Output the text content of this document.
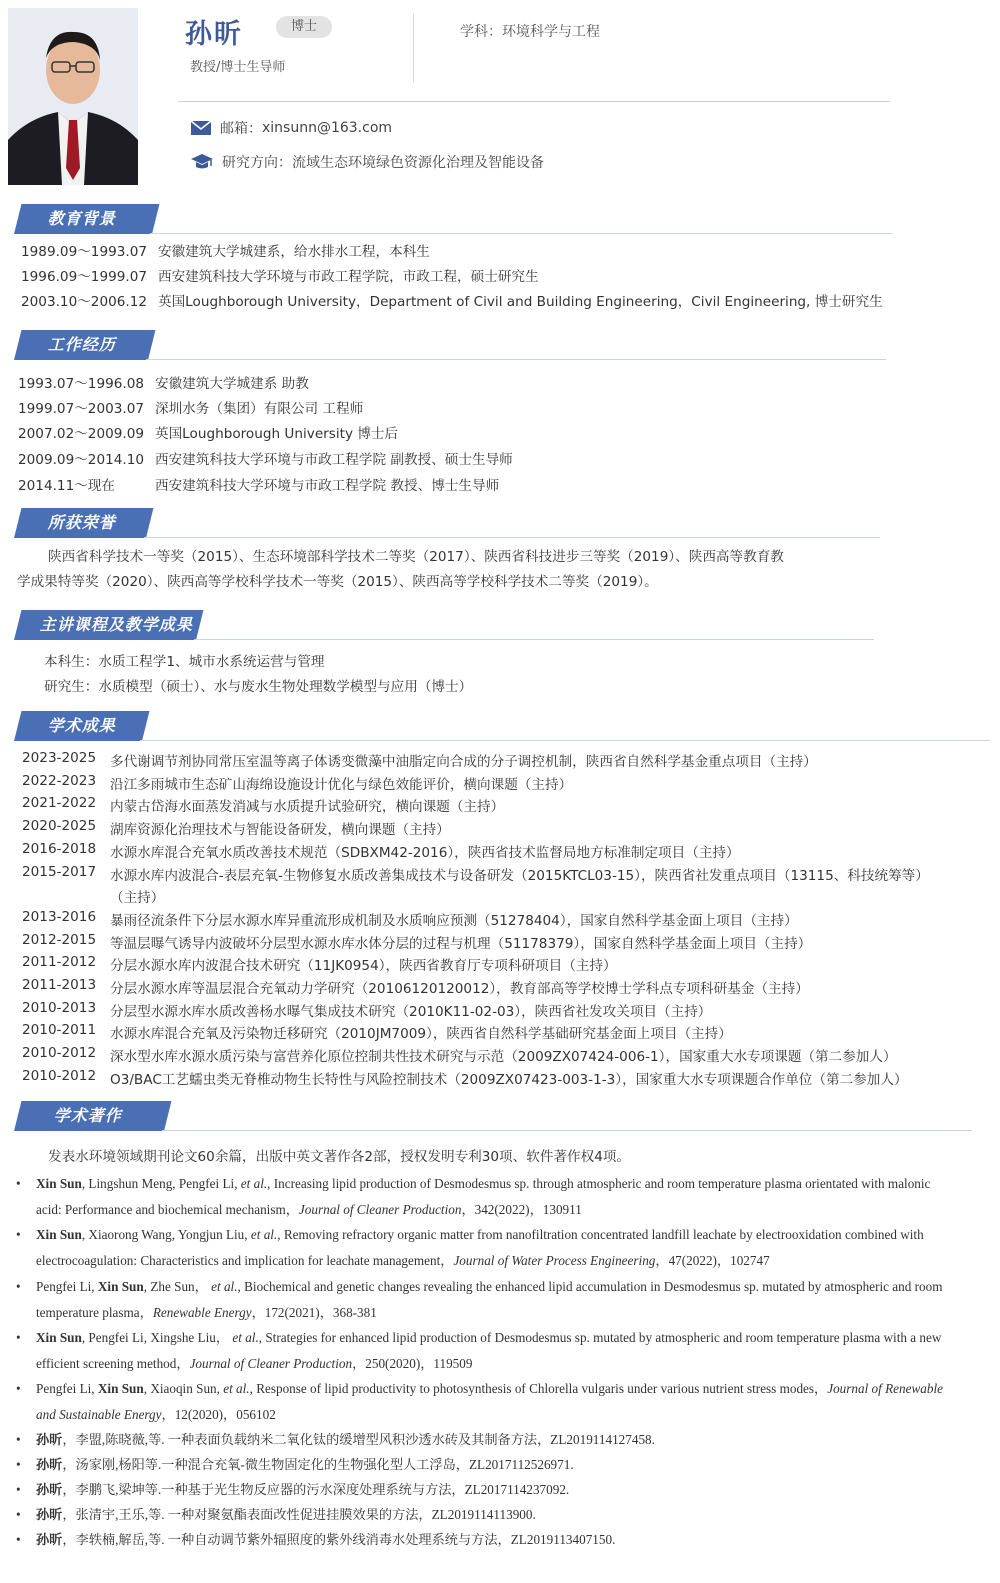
孙昕	博士
教授/博士生导师
学科：环境科学与工程
邮箱： xinsunn@163.com
研究方向： 流域生态环境绿色资源化治理及智能设备
教育背景
1989.09～1993.07 安徽建筑大学城建系，给水排水工程，本科生
1996.09～1999.07 西安建筑科技大学环境与市政工程学院，市政工程，硕士研究生
2003.10～2006.12 英国Loughborough University，Department of Civil and Building Engineering，Civil Engineering, 博士研究生
工作经历
1993.07～1996.08 安徽建筑大学城建系 助教
1999.07～2003.07 深圳水务（集团）有限公司 工程师
2007.02～2009.09 英国Loughborough University 博士后
2009.09～2014.10 西安建筑科技大学环境与市政工程学院 副教授、硕士生导师
2014.11～现在	西安建筑科技大学环境与市政工程学院 教授、博士生导师
所获荣誉
陕西省科学技术一等奖（2015）、生态环境部科学技术二等奖（2017）、陕西省科技进步三等奖（2019）、陕西高等教育教
学成果特等奖（2020）、陕西高等学校科学技术一等奖（2015）、陕西高等学校科学技术二等奖（2019）。
主讲课程及教学成果
本科生：水质工程学1、城市水系统运营与管理
研究生：水质模型（硕士）、水与废水生物处理数学模型与应用（博士）
学术成果
2023-2025 多代谢调节剂协同常压室温等离子体诱变微藻中油脂定向合成的分子调控机制，陕西省自然科学基金重点项目（主持）
2022-2023 沿江多雨城市生态矿山海绵设施设计优化与绿色效能评价，横向课题（主持）
2021-2022 内蒙古岱海水面蒸发消减与水质提升试验研究，横向课题（主持）
2020-2025 湖库资源化治理技术与智能设备研发，横向课题（主持）
2016-2018 水源水库混合充氧水质改善技术规范（SDBXM42-2016），陕西省技术监督局地方标准制定项目（主持）
2015-2017 水源水库内波混合-表层充氧-生物修复水质改善集成技术与设备研发（2015KTCL03-15），陕西省社发重点项目（13115、科技统筹等）
（主持）
2013-2016 暴雨径流条件下分层水源水库异重流形成机制及水质响应预测（51278404），国家自然科学基金面上项目（主持）
2012-2015 等温层曝气诱导内波破坏分层型水源水库水体分层的过程与机理（51178379），国家自然科学基金面上项目（主持）
2011-2012 分层水源水库内波混合技术研究（11JK0954），陕西省教育厅专项科研项目（主持）
2011-2013 分层水源水库等温层混合充氧动力学研究（20106120120012），教育部高等学校博士学科点专项科研基金（主持）
2010-2013 分层型水源水库水质改善杨水曝气集成技术研究（2010K11-02-03），陕西省社发攻关项目（主持）
2010-2011 水源水库混合充氧及污染物迁移研究（2010JM7009），陕西省自然科学基础研究基金面上项目（主持）
2010-2012 深水型水库水源水质污染与富营养化原位控制共性技术研究与示范（2009ZX07424-006-1），国家重大水专项课题（第二参加人）
2010-2012 O3/BAC工艺蠕虫类无脊椎动物生长特性与风险控制技术（2009ZX07423-003-1-3），国家重大水专项课题合作单位（第二参加人）
学术著作
发表水环境领域期刊论文60余篇，出版中英文著作各2部，授权发明专利30项、软件著作权4项。
• Xin Sun, Lingshun Meng, Pengfei Li, et al., Increasing lipid production of Desmodesmus sp. through atmospheric and room temperature plasma orientated with malonic acid: Performance and biochemical mechanism，Journal of Cleaner Production，342(2022)，130911
• Xin Sun, Xiaorong Wang, Yongjun Liu, et al., Removing refractory organic matter from nanofiltration concentrated landfill leachate by electrooxidation combined with electrocoagulation: Characteristics and implication for leachate management，Journal of Water Process Engineering，47(2022)，102747
• Pengfei Li, Xin Sun, Zhe Sun， et al., Biochemical and genetic changes revealing the enhanced lipid accumulation in Desmodesmus sp. mutated by atmospheric and room temperature plasma，Renewable Energy，172(2021)，368-381
• Xin Sun, Pengfei Li, Xingshe Liu， et al., Strategies for enhanced lipid production of Desmodesmus sp. mutated by atmospheric and room temperature plasma with a new efficient screening method，Journal of Cleaner Production，250(2020)，119509
• Pengfei Li, Xin Sun, Xiaoqin Sun, et al., Response of lipid productivity to photosynthesis of Chlorella vulgaris under various nutrient stress modes，Journal of Renewable and Sustainable Energy，12(2020)，056102
• 孙昕，李盟,陈晓薇,等. 一种表面负载纳米二氧化钛的缓增型风积沙透水砖及其制备方法，ZL2019114127458.
• 孙昕，汤家刚,杨阳等.一种混合充氧-微生物固定化的生物强化型人工浮岛，ZL2017112526971.
• 孙昕，李鹏飞,梁坤等.一种基于光生物反应器的污水深度处理系统与方法，ZL2017114237092.
• 孙昕，张清宇,王乐,等. 一种对聚氨酯表面改性促进挂膜效果的方法，ZL2019114113900.
• 孙昕，李轶楠,解岳,等. 一种自动调节紫外辐照度的紫外线消毒水处理系统与方法，ZL2019113407150.
